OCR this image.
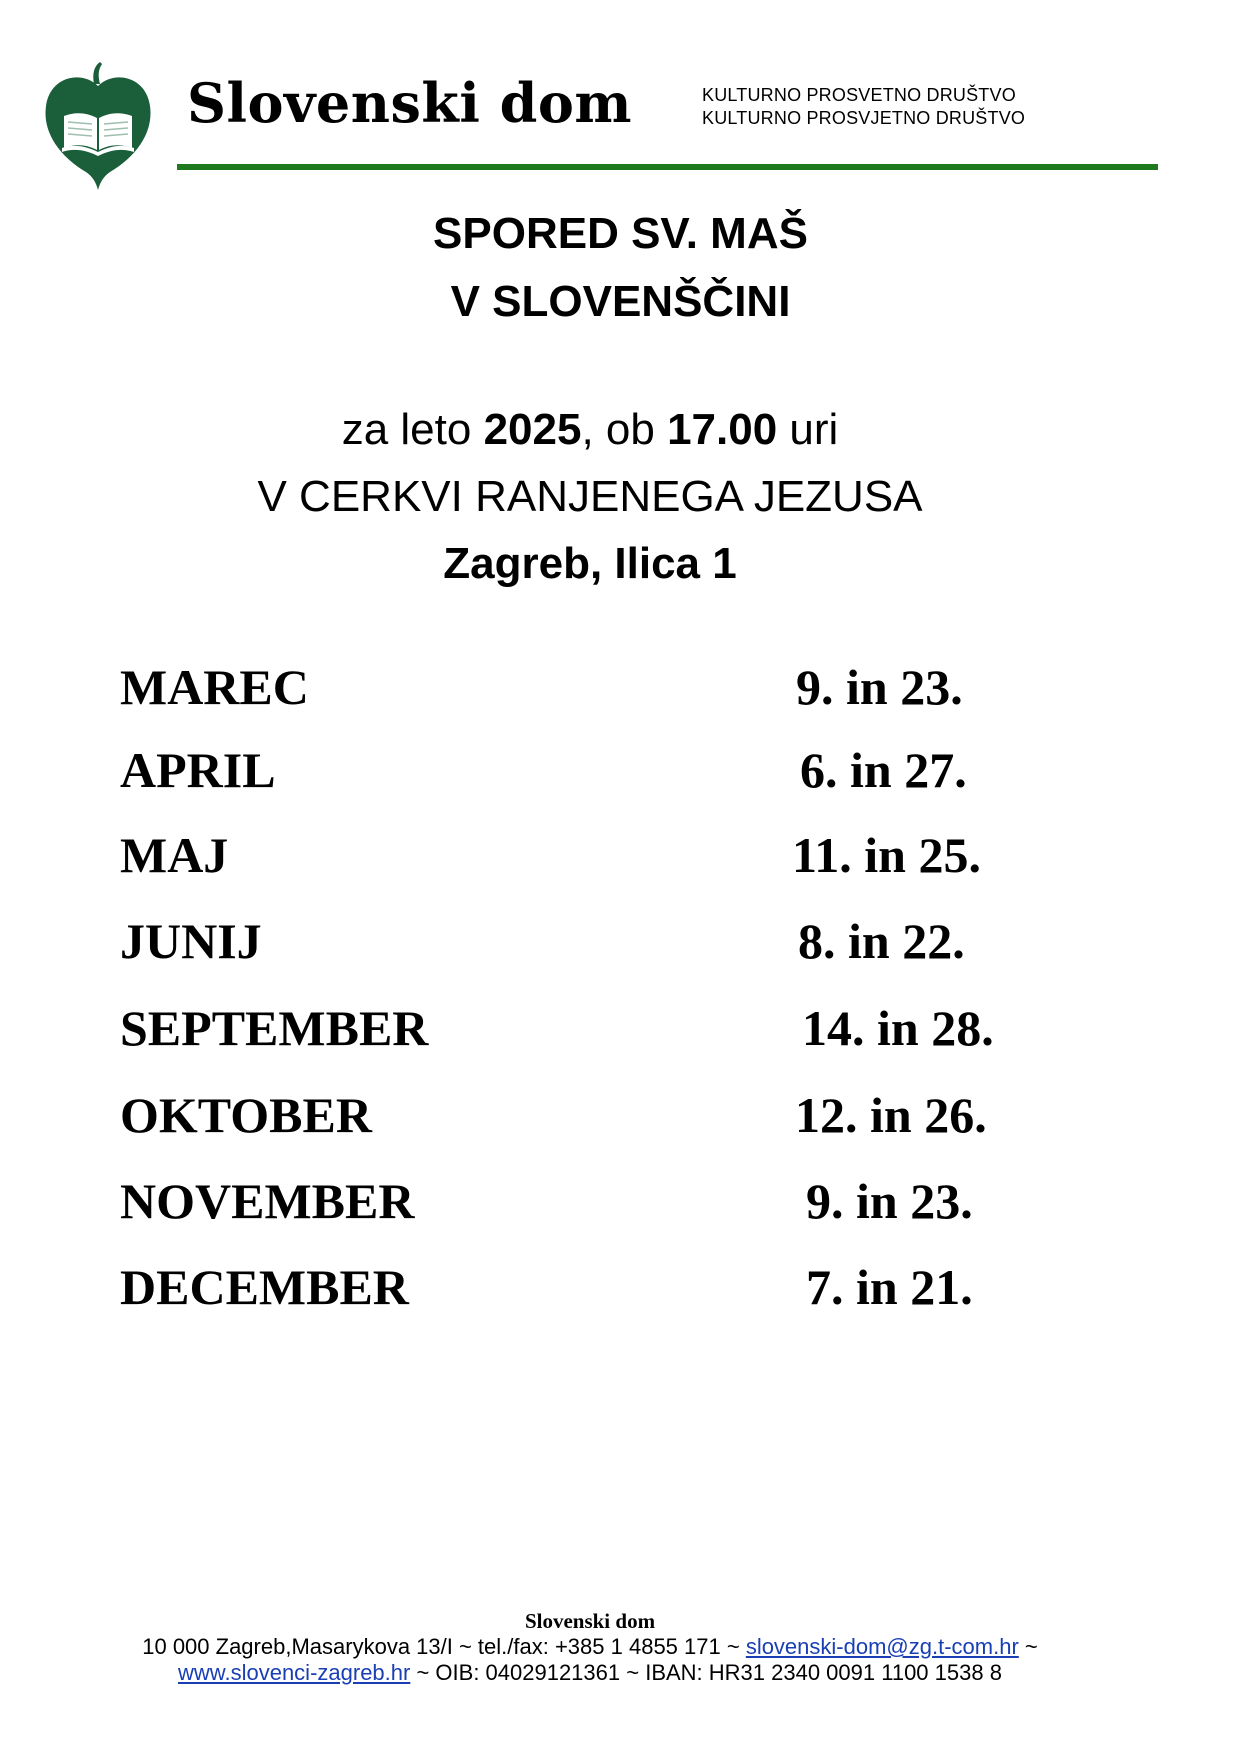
Slovenski dom	KULTURNO PROSVETNO DRUŠTVO
KULTURNO PROSVJETNO DRUŠTVO
SPORED SV. MAŠ
V SLOVENŠČINI
za leto 2025, ob 17.00 uri
V CERKVI RANJENEGA JEZUSA
Zagreb, Ilica 1
MAREC	9. in 23.
APRIL	6. in 27.
MAJ	11. in 25.
JUNIJ	8. in 22.
SEPTEMBER	14. in 28.
OKTOBER	12. in 26.
NOVEMBER	9. in 23.
DECEMBER	7. in 21.
Slovenski dom
10 000 Zagreb,Masarykova 13/I ~ tel./fax: +385 1 4855 171 ~ slovenski-dom@zg.t-com.hr ~
www.slovenci-zagreb.hr ~ OIB: 04029121361 ~ IBAN: HR31 2340 0091 1100 1538 8
